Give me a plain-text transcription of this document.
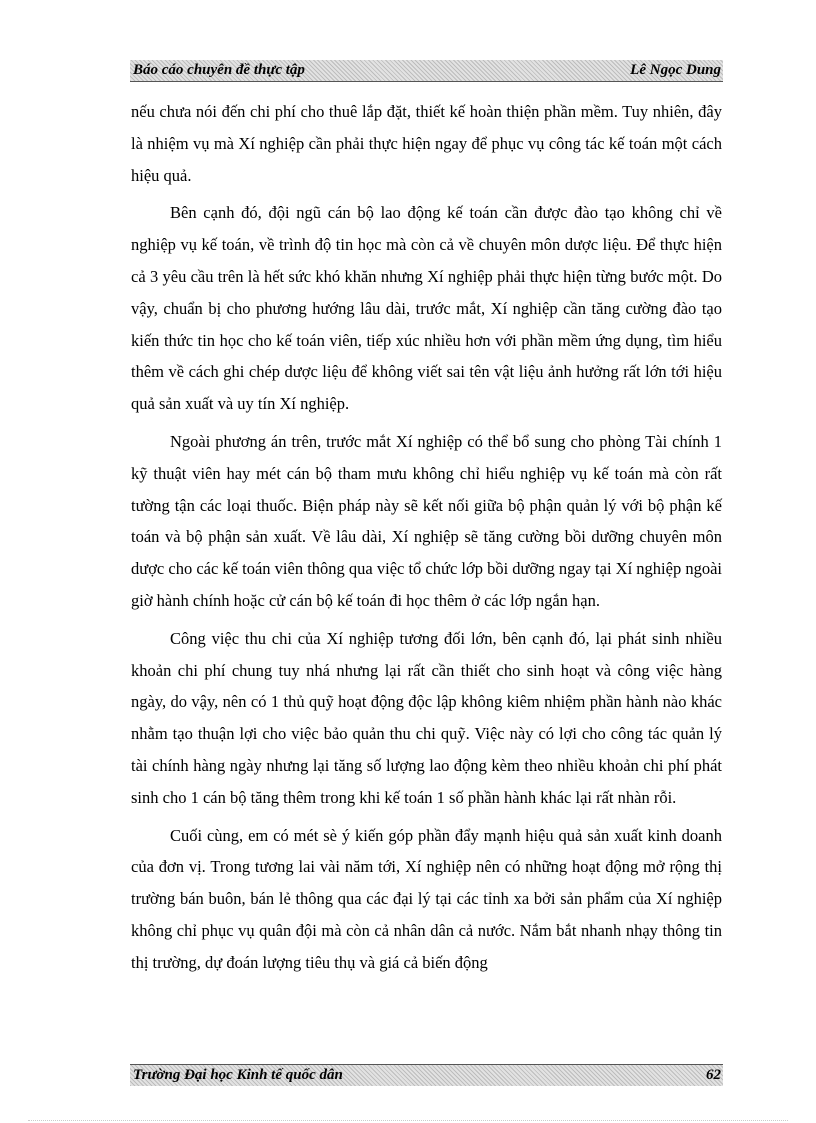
Báo cáo chuyên đề thực tập	Lê Ngọc Dung

nếu chưa nói đến chi phí cho thuê lắp đặt, thiết kế hoàn thiện phần mềm. Tuy nhiên, đây là nhiệm vụ mà Xí nghiệp cần phải thực hiện ngay để phục vụ công tác kế toán một cách hiệu quả.

Bên cạnh đó, đội ngũ cán bộ lao động kế toán cần được đào tạo không chỉ về nghiệp vụ kế toán, về trình độ tin học mà còn cả về chuyên môn dược liệu. Để thực hiện cả 3 yêu cầu trên là hết sức khó khăn nhưng Xí nghiệp phải thực hiện từng bước một. Do vậy, chuẩn bị cho phương hướng lâu dài, trước mắt, Xí nghiệp cần tăng cường đào tạo kiến thức tin học cho kế toán viên, tiếp xúc nhiều hơn với phần mềm ứng dụng, tìm hiểu thêm về cách ghi chép dược liệu để không viết sai tên vật liệu ảnh hưởng rất lớn tới hiệu quả sản xuất và uy tín Xí nghiệp.

Ngoài phương án trên, trước mắt Xí nghiệp có thể bổ sung cho phòng Tài chính 1 kỹ thuật viên hay mét cán bộ tham mưu không chỉ hiểu nghiệp vụ kế toán mà còn rất tường tận các loại thuốc. Biện pháp này sẽ kết nối giữa bộ phận quản lý với bộ phận kế toán và bộ phận sản xuất. Về lâu dài, Xí nghiệp sẽ tăng cường bồi dưỡng chuyên môn dược cho các kế toán viên thông qua việc tổ chức lớp bồi dưỡng ngay tại Xí nghiệp ngoài giờ hành chính hoặc cử cán bộ kế toán đi học thêm ở các lớp ngắn hạn.

Công việc thu chi của Xí nghiệp tương đối lớn, bên cạnh đó, lại phát sinh nhiều khoản chi phí chung tuy nhá nhưng lại rất cần thiết cho sinh hoạt và công việc hàng ngày, do vậy, nên có 1 thủ quỹ hoạt động độc lập không kiêm nhiệm phần hành nào khác nhằm tạo thuận lợi cho việc bảo quản thu chi quỹ. Việc này có lợi cho công tác quản lý tài chính hàng ngày nhưng lại tăng số lượng lao động kèm theo nhiều khoản chi phí phát sinh cho 1 cán bộ tăng thêm trong khi kế toán 1 số phần hành khác lại rất nhàn rỗi.

Cuối cùng, em có mét sè ý kiến góp phần đẩy mạnh hiệu quả sản xuất kinh doanh của đơn vị. Trong tương lai vài năm tới, Xí nghiệp nên có những hoạt động mở rộng thị trường bán buôn, bán lẻ thông qua các đại lý tại các tỉnh xa bởi sản phẩm của Xí nghiệp không chỉ phục vụ quân đội mà còn cả nhân dân cả nước. Nắm bắt nhanh nhạy thông tin thị trường, dự đoán lượng tiêu thụ và giá cả biến động

Trường Đại học Kinh tế quốc dân	62
